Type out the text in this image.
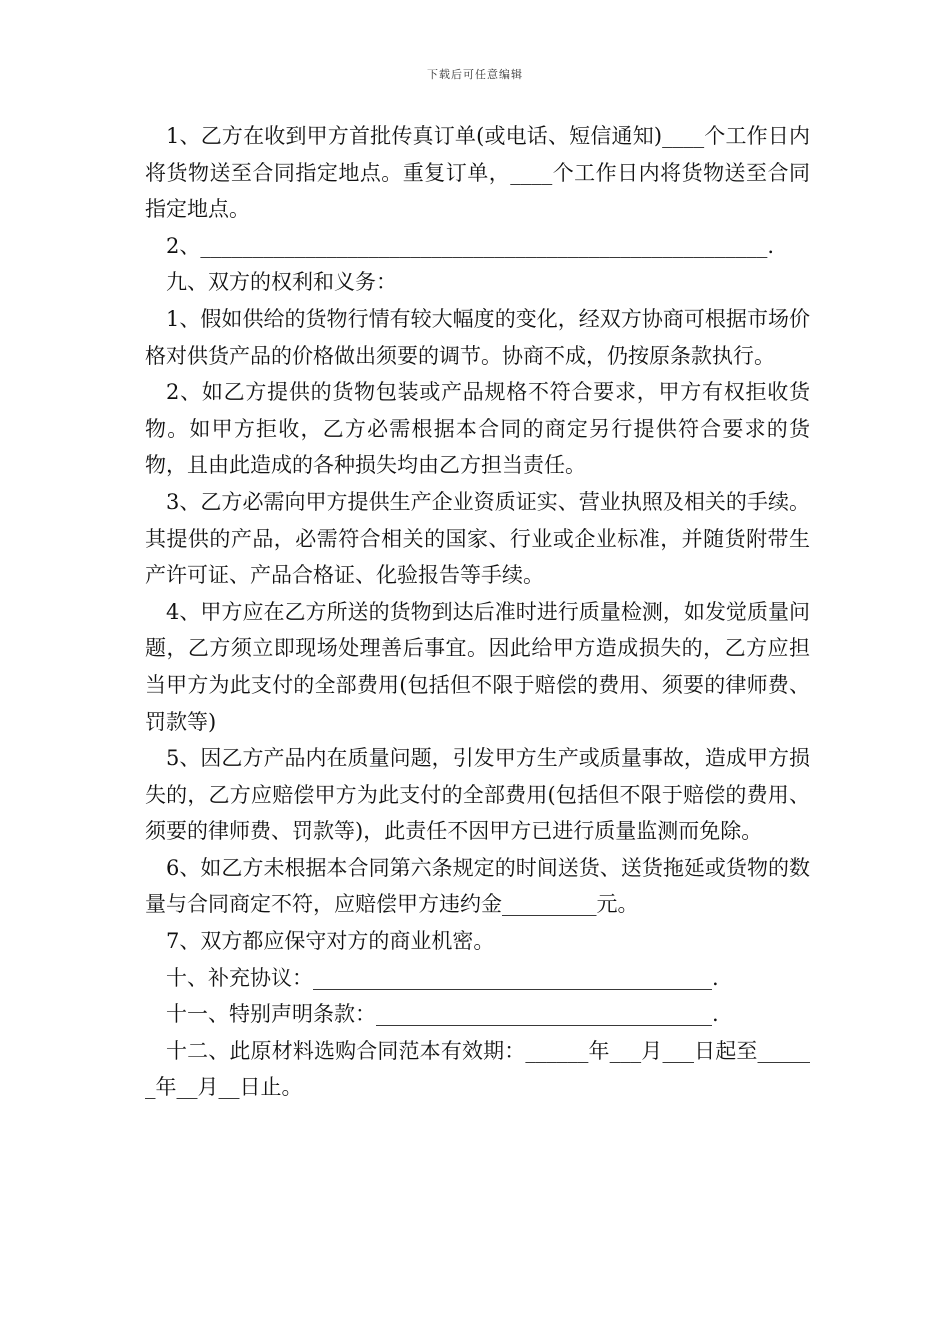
下载后可任意编辑

1、乙方在收到甲方首批传真订单(或电话、短信通知)____个工作日内将货物送至合同指定地点。重复订单，____个工作日内将货物送至合同指定地点。

2、______________________________________________________.

九、双方的权利和义务：

1、假如供给的货物行情有较大幅度的变化，经双方协商可根据市场价格对供货产品的价格做出须要的调节。协商不成，仍按原条款执行。

2、如乙方提供的货物包装或产品规格不符合要求，甲方有权拒收货物。如甲方拒收，乙方必需根据本合同的商定另行提供符合要求的货物，且由此造成的各种损失均由乙方担当责任。

3、乙方必需向甲方提供生产企业资质证实、营业执照及相关的手续。其提供的产品，必需符合相关的国家、行业或企业标准，并随货附带生产许可证、产品合格证、化验报告等手续。

4、甲方应在乙方所送的货物到达后准时进行质量检测，如发觉质量问题，乙方须立即现场处理善后事宜。因此给甲方造成损失的，乙方应担当甲方为此支付的全部费用(包括但不限于赔偿的费用、须要的律师费、罚款等)

5、因乙方产品内在质量问题，引发甲方生产或质量事故，造成甲方损失的，乙方应赔偿甲方为此支付的全部费用(包括但不限于赔偿的费用、须要的律师费、罚款等)，此责任不因甲方已进行质量监测而免除。

6、如乙方未根据本合同第六条规定的时间送货、送货拖延或货物的数量与合同商定不符，应赔偿甲方违约金_________元。

7、双方都应保守对方的商业机密。

十、补充协议：______________________________________.

十一、特别声明条款：________________________________.

十二、此原材料选购合同范本有效期：______年___月___日起至______年__月__日止。
